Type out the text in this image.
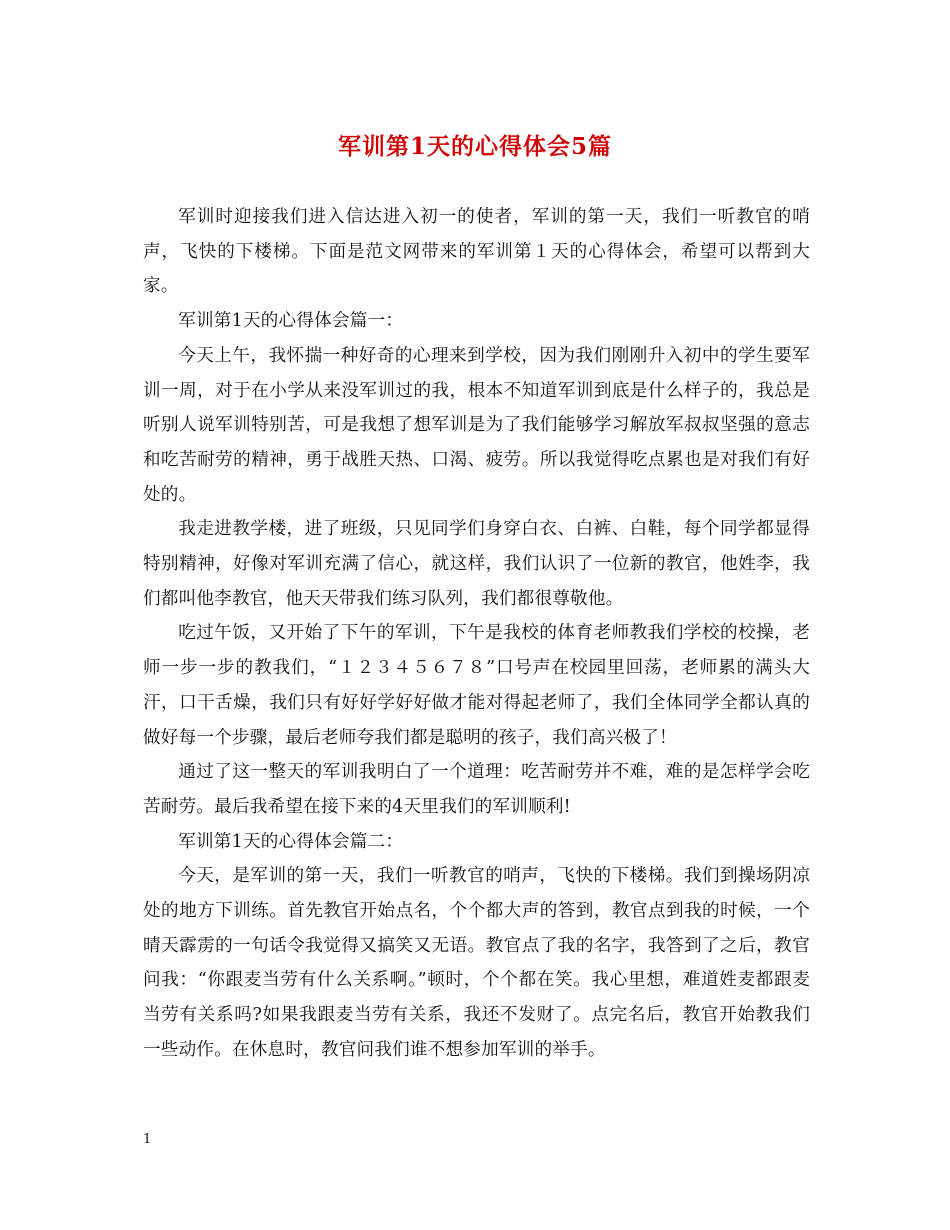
军训第1天的心得体会5篇

军训时迎接我们进入信达进入初一的使者，军训的第一天，我们一听教官的哨声，飞快的下楼梯。下面是范文网带来的军训第１天的心得体会，希望可以帮到大家。

军训第1天的心得体会篇一：

今天上午，我怀揣一种好奇的心理来到学校，因为我们刚刚升入初中的学生要军训一周，对于在小学从来没军训过的我，根本不知道军训到底是什么样子的，我总是听别人说军训特别苦，可是我想了想军训是为了我们能够学习解放军叔叔坚强的意志和吃苦耐劳的精神，勇于战胜天热、口渴、疲劳。所以我觉得吃点累也是对我们有好处的。

我走进教学楼，进了班级，只见同学们身穿白衣、白裤、白鞋，每个同学都显得特别精神，好像对军训充满了信心，就这样，我们认识了一位新的教官，他姓李，我们都叫他李教官，他天天带我们练习队列，我们都很尊敬他。

吃过午饭，又开始了下午的军训，下午是我校的体育老师教我们学校的校操，老师一步一步的教我们，“１２３４５６７８”口号声在校园里回荡，老师累的满头大汗，口干舌燥，我们只有好好学好好做才能对得起老师了，我们全体同学全都认真的做好每一个步骤，最后老师夸我们都是聪明的孩子，我们高兴极了！

通过了这一整天的军训我明白了一个道理：吃苦耐劳并不难，难的是怎样学会吃苦耐劳。最后我希望在接下来的4天里我们的军训顺利!

军训第1天的心得体会篇二：

今天，是军训的第一天，我们一听教官的哨声，飞快的下楼梯。我们到操场阴凉处的地方下训练。首先教官开始点名，个个都大声的答到，教官点到我的时候，一个晴天霹雳的一句话令我觉得又搞笑又无语。教官点了我的名字，我答到了之后，教官问我：“你跟麦当劳有什么关系啊。”顿时，个个都在笑。我心里想，难道姓麦都跟麦当劳有关系吗?如果我跟麦当劳有关系，我还不发财了。点完名后，教官开始教我们一些动作。在休息时，教官问我们谁不想参加军训的举手。

1
